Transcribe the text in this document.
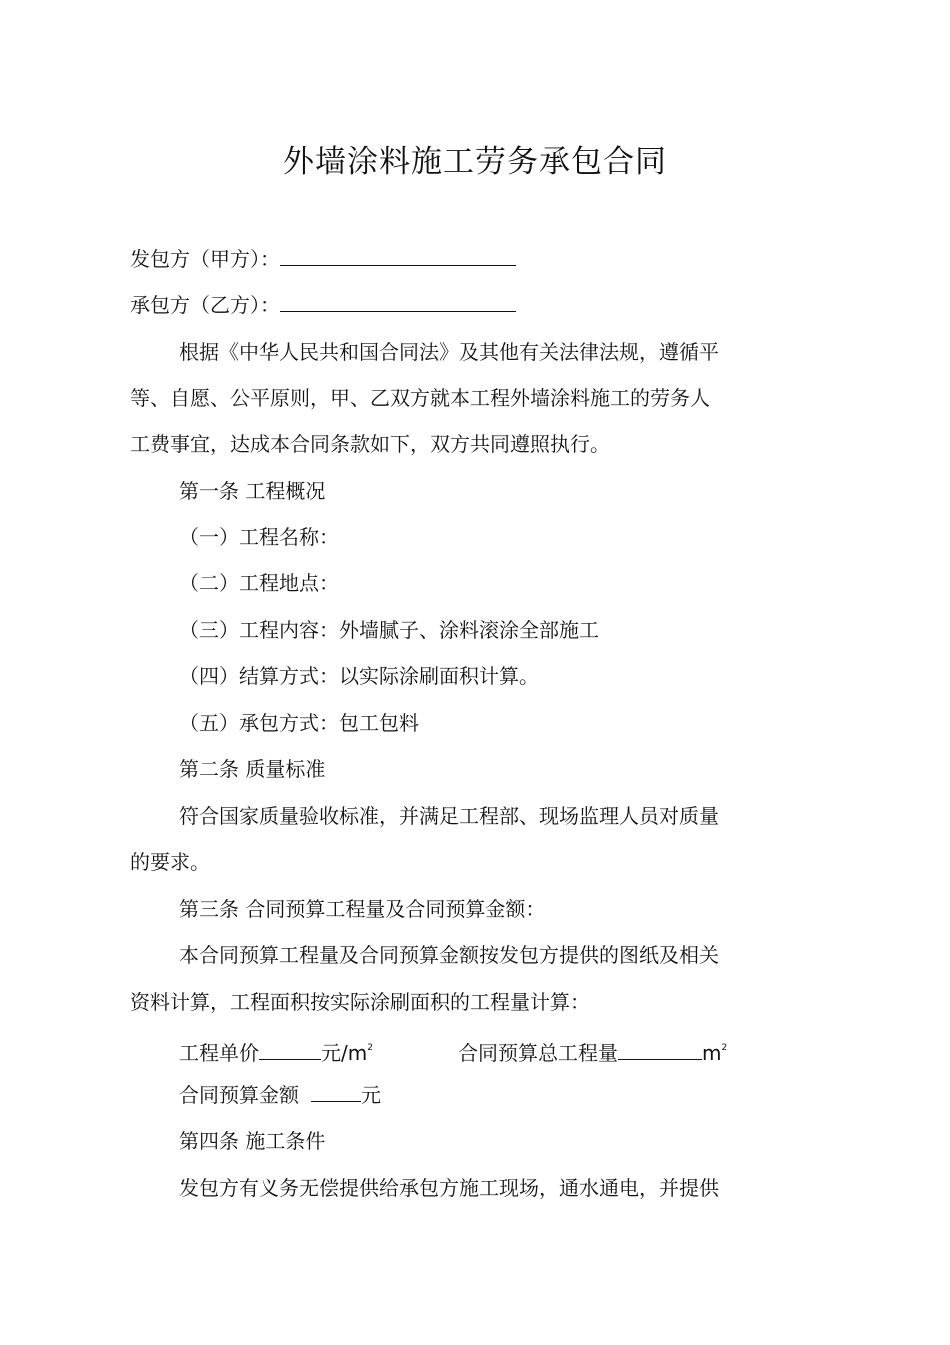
外墙涂料施工劳务承包合同
发包方（甲方）：
承包方（乙方）：
根据《中华人民共和国合同法》及其他有关法律法规，遵循平
等、自愿、公平原则，甲、乙双方就本工程外墙涂料施工的劳务人
工费事宜，达成本合同条款如下，双方共同遵照执行。
第一条 工程概况
（一）工程名称：
（二）工程地点：
（三）工程内容：外墙腻子、涂料滚涂全部施工
（四）结算方式：以实际涂刷面积计算。
（五）承包方式：包工包料
第二条 质量标准
符合国家质量验收标准，并满足工程部、现场监理人员对质量
的要求。
第三条 合同预算工程量及合同预算金额：
本合同预算工程量及合同预算金额按发包方提供的图纸及相关
资料计算，工程面积按实际涂刷面积的工程量计算：
工程单价	元$/m^2$	合同预算总工程量	$m^2$
合同预算金额	元
第四条 施工条件
发包方有义务无偿提供给承包方施工现场，通水通电，并提供
